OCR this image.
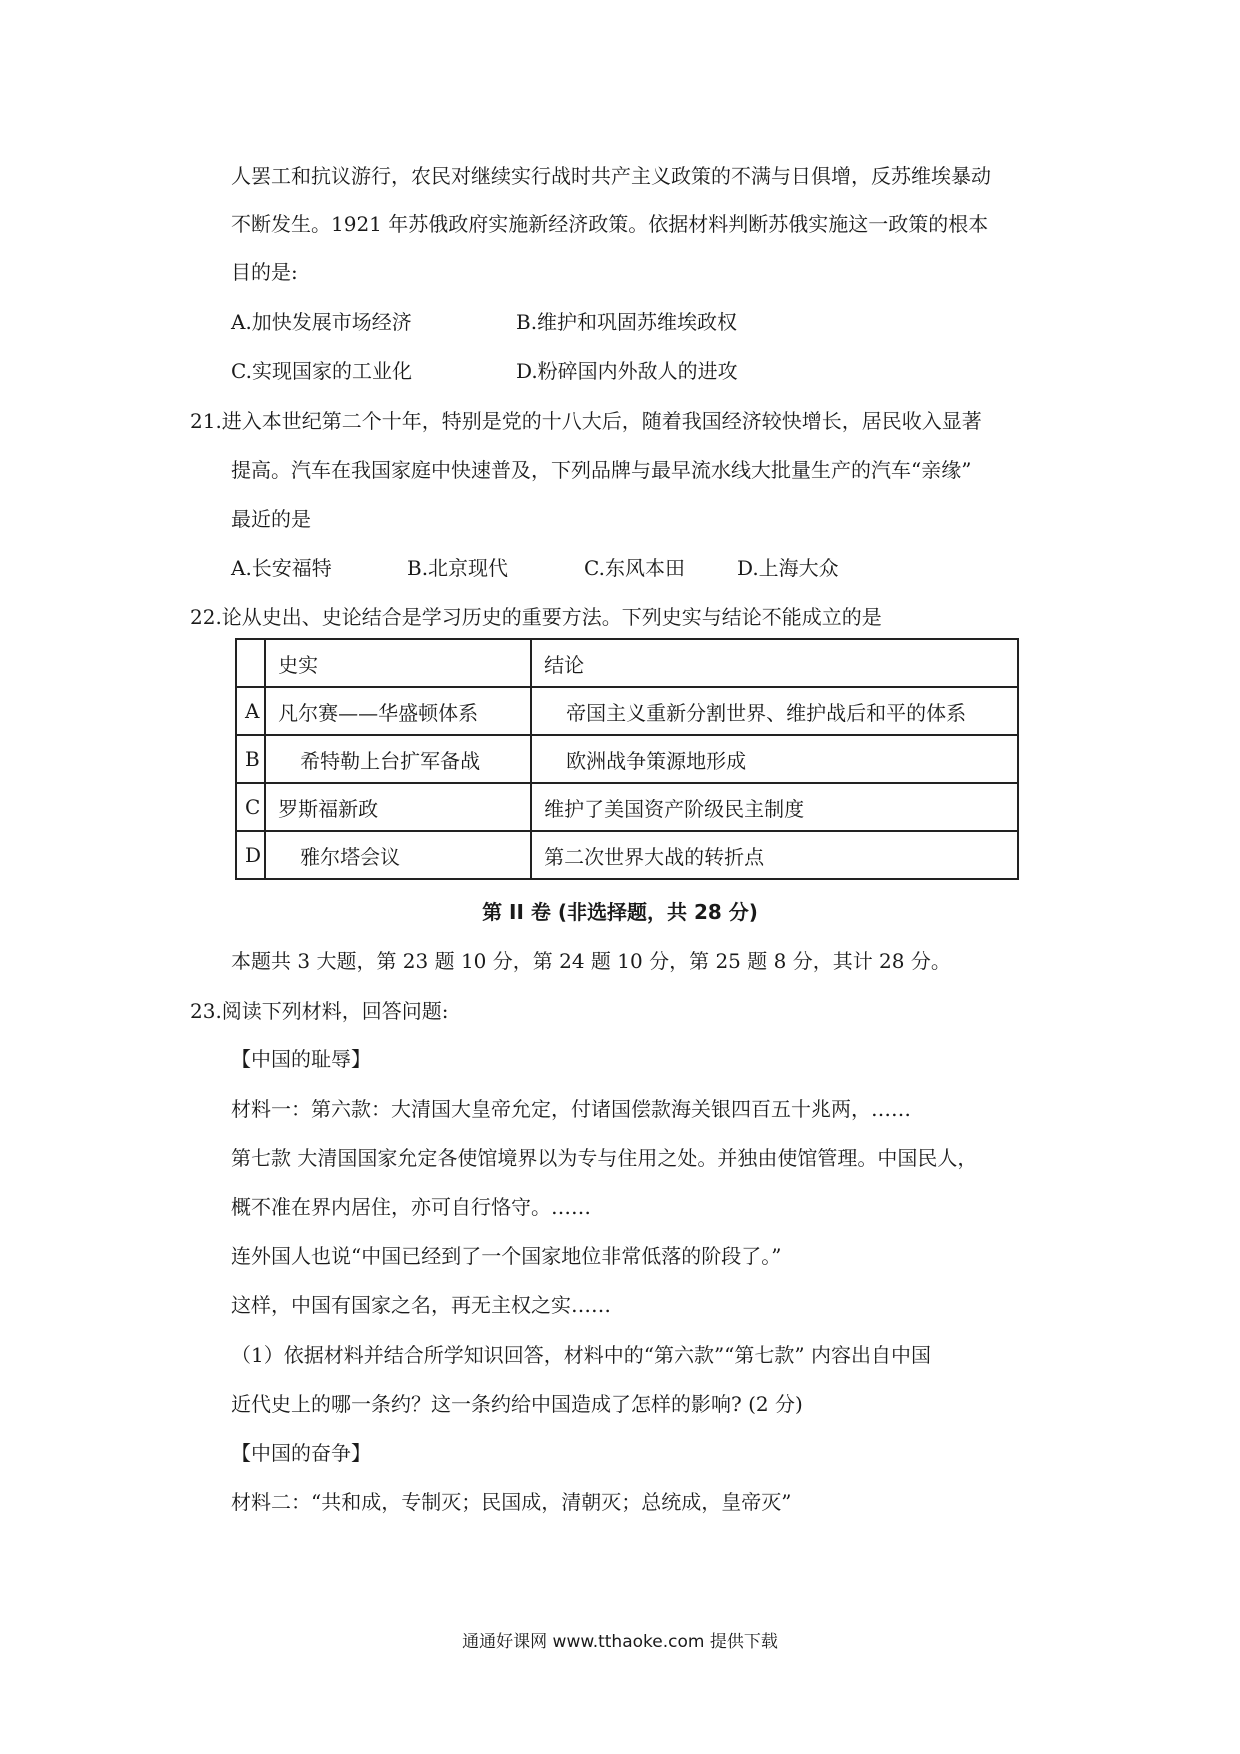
人罢工和抗议游行，农民对继续实行战时共产主义政策的不满与日俱增，反苏维埃暴动
不断发生。1921 年苏俄政府实施新经济政策。依据材料判断苏俄实施这一政策的根本
目的是:
A.加快发展市场经济	B.维护和巩固苏维埃政权
C.实现国家的工业化	D.粉碎国内外敌人的进攻
21.进入本世纪第二个十年，特别是党的十八大后，随着我国经济较快增长，居民收入显著
提高。汽车在我国家庭中快速普及，下列品牌与最早流水线大批量生产的汽车“亲缘”
最近的是
A.长安福特	B.北京现代	C.东风本田	D.上海大众
22.论从史出、史论结合是学习历史的重要方法。下列史实与结论不能成立的是
	史实	结论
A	凡尔赛——华盛顿体系	帝国主义重新分割世界、维护战后和平的体系
B	希特勒上台扩军备战	欧洲战争策源地形成
C	罗斯福新政	维护了美国资产阶级民主制度
D	雅尔塔会议	第二次世界大战的转折点
第 II 卷 (非选择题，共 28 分)
本题共 3 大题，第 23 题 10 分，第 24 题 10 分，第 25 题 8 分，其计 28 分。
23.阅读下列材料，回答问题:
【中国的耻辱】
材料一：第六款：大清国大皇帝允定，付诸国偿款海关银四百五十兆两，……
第七款 大清国国家允定各使馆境界以为专与住用之处。并独由使馆管理。中国民人，
概不准在界内居住，亦可自行恪守。……
连外国人也说“中国已经到了一个国家地位非常低落的阶段了。”
这样，中国有国家之名，再无主权之实……
（1）依据材料并结合所学知识回答，材料中的“第六款”“第七款” 内容出自中国
近代史上的哪一条约？这一条约给中国造成了怎样的影响? (2 分)
【中国的奋争】
材料二：“共和成，专制灭；民国成，清朝灭；总统成，皇帝灭”
通通好课网 www.tthaoke.com 提供下载
